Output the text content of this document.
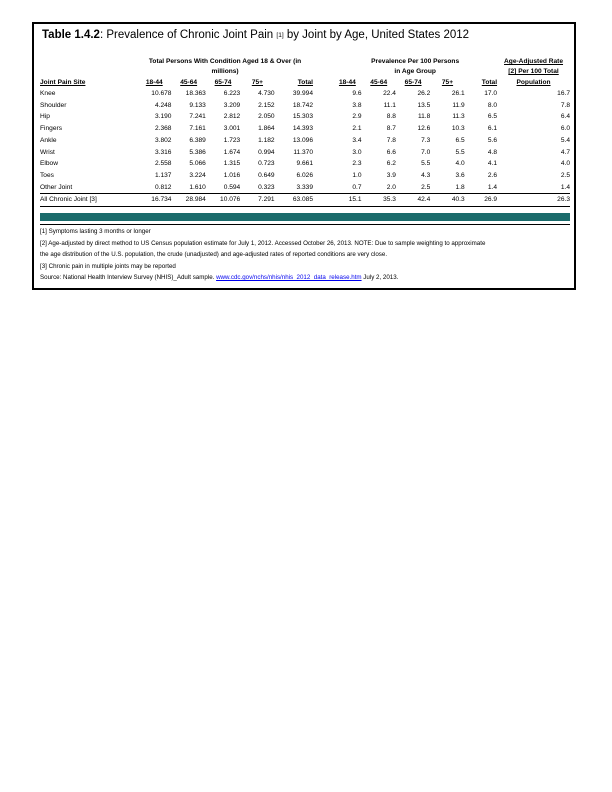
Table 1.4.2: Prevalence of Chronic Joint Pain [1] by Joint by Age, United States 2012
	Total Persons With Condition Aged 18 & Over (in						Prevalence Per 100 Persons					Age-Adjusted Rate
	millions)						in Age Group					[2] Per 100 Total
Joint Pain Site	18-44	45-64	65-74	75+	Total		18-44	45-64	65-74	75+	Total	Population
Knee	10.678	18.363	6.223	4.730	39.994		9.6	22.4	26.2	26.1	17.0	16.7
Shoulder	4.248	9.133	3.209	2.152	18.742		3.8	11.1	13.5	11.9	8.0	7.8
Hip	3.190	7.241	2.812	2.050	15.303		2.9	8.8	11.8	11.3	6.5	6.4
Fingers	2.368	7.161	3.001	1.864	14.393		2.1	8.7	12.6	10.3	6.1	6.0
Ankle	3.802	6.389	1.723	1.182	13.096		3.4	7.8	7.3	6.5	5.6	5.4
Wrist	3.316	5.386	1.674	0.994	11.370		3.0	6.6	7.0	5.5	4.8	4.7
Elbow	2.558	5.066	1.315	0.723	9.661		2.3	6.2	5.5	4.0	4.1	4.0
Toes	1.137	3.224	1.016	0.649	6.026		1.0	3.9	4.3	3.6	2.6	2.5
Other Joint	0.812	1.610	0.594	0.323	3.339		0.7	2.0	2.5	1.8	1.4	1.4
All Chronic Joint [3]	16.734	28.984	10.076	7.291	63.085		15.1	35.3	42.4	40.3	26.9	26.3
[1] Symptoms lasting 3 months or longer
[2] Age-adjusted by direct method to US Census population estimate for July 1, 2012. Accessed October 26, 2013. NOTE: Due to sample weighting to approximate
the age distribution of the U.S. population, the crude (unadjusted) and age-adjusted rates of reported conditions are very close.
[3] Chronic pain in multiple joints may be reported
Source: National Health Interview Survey (NHIS)_Adult sample. www.cdc.gov/nchs/nhis/nhis_2012_data_release.htm July 2, 2013.
